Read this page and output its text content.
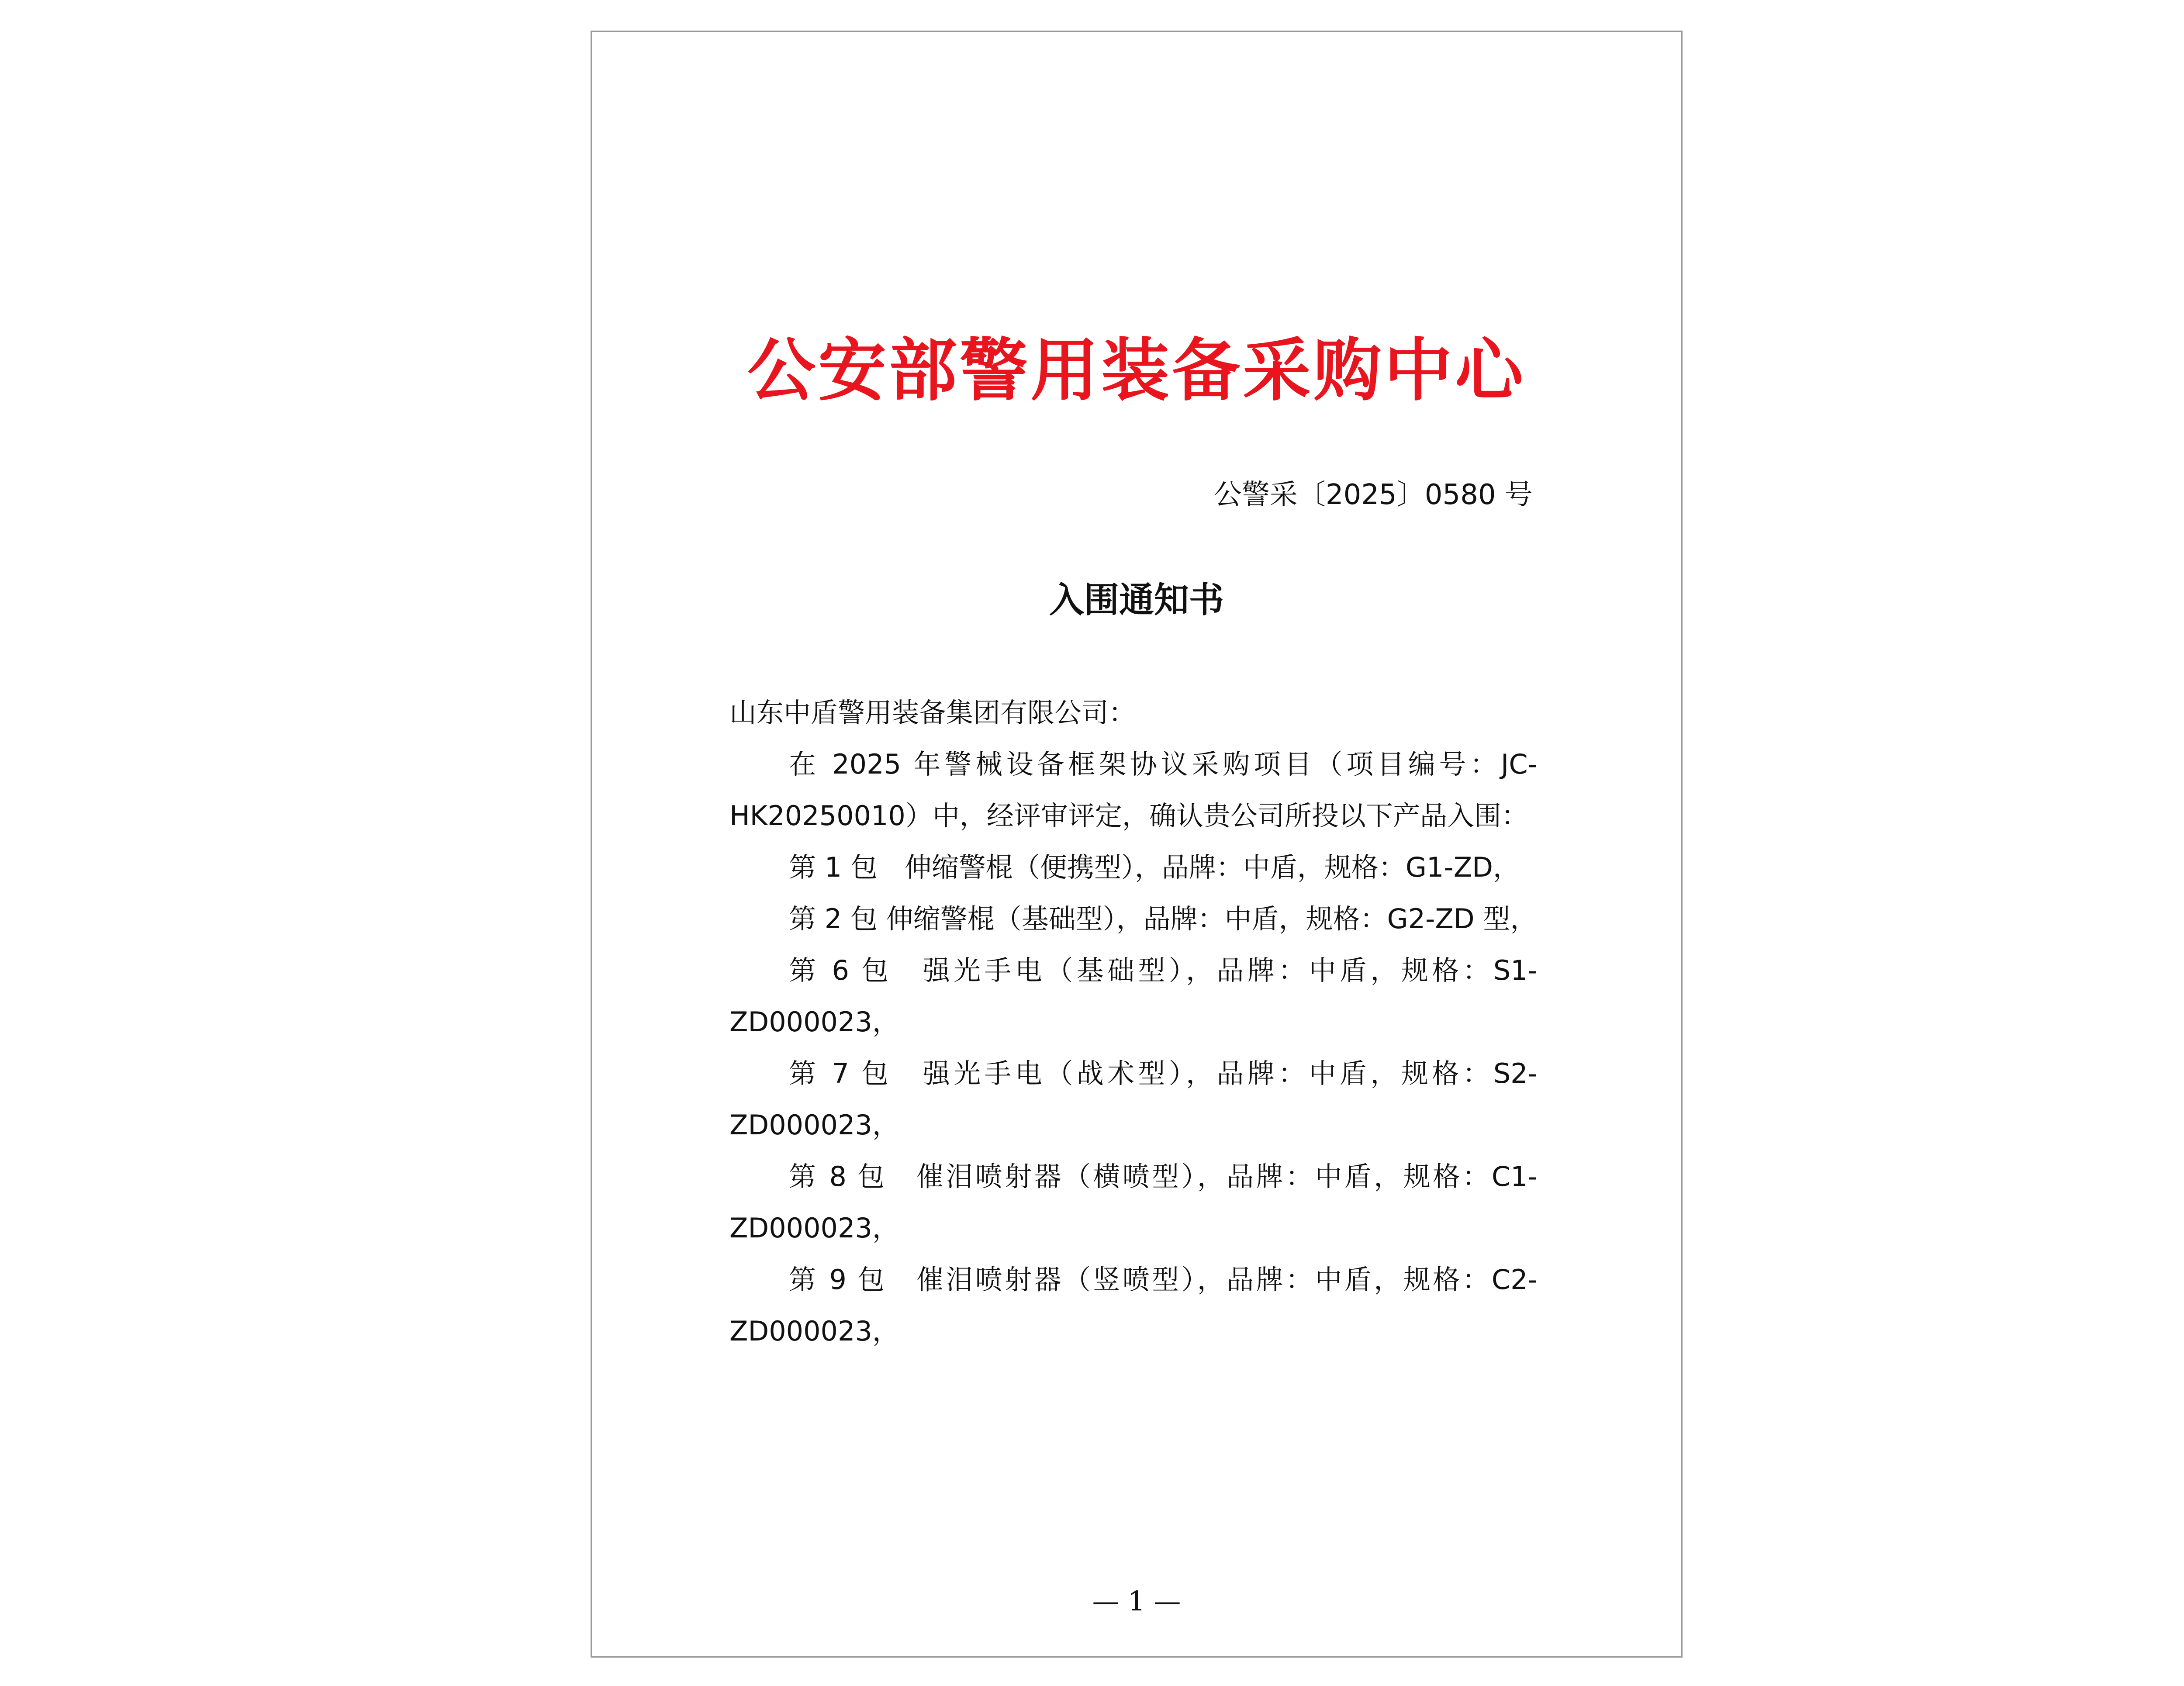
公安部警用装备采购中心
公警采〔2025〕0580 号
入围通知书

山东中盾警用装备集团有限公司：

在 2025 年警械设备框架协议采购项目（项目编号：JC-HK20250010）中，经评审评定，确认贵公司所投以下产品入围：

第 1 包　伸缩警棍（便携型），品牌：中盾，规格：G1-ZD，

第 2 包 伸缩警棍（基础型），品牌：中盾，规格：G2-ZD 型，

第 6 包　强光手电（基础型），品牌：中盾，规格：S1-ZD000023，

第 7 包　强光手电（战术型），品牌：中盾，规格：S2-ZD000023，

第 8 包　催泪喷射器（横喷型），品牌：中盾，规格：C1-ZD000023，

第 9 包　催泪喷射器（竖喷型），品牌：中盾，规格：C2-ZD000023，

— 1 —
